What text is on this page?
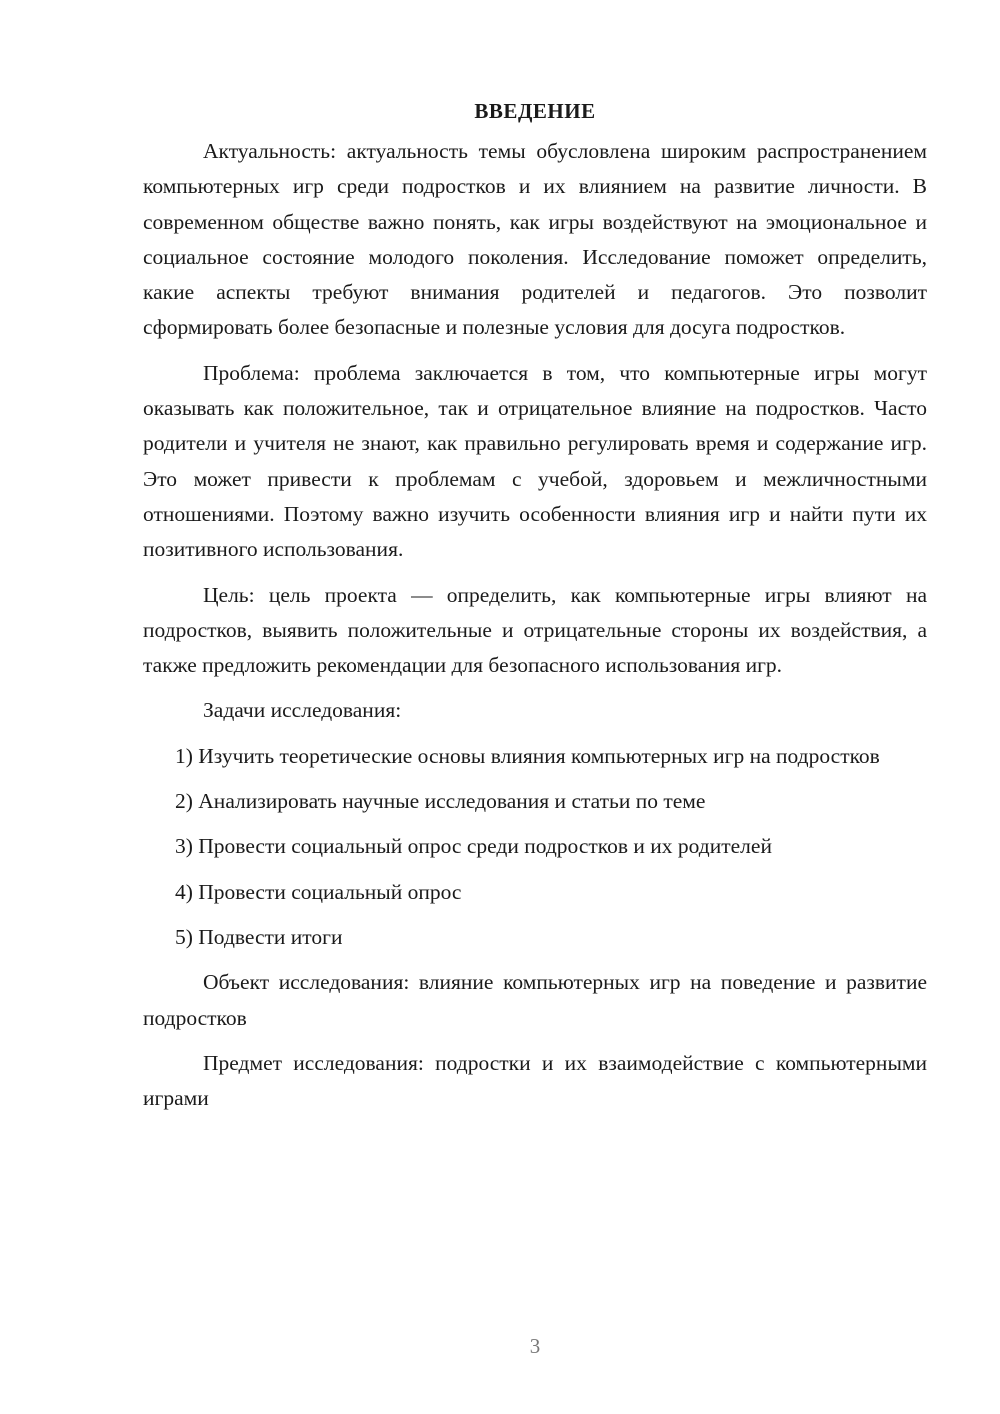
ВВЕДЕНИЕ

Актуальность: актуальность темы обусловлена широким распространением компьютерных игр среди подростков и их влиянием на развитие личности. В современном обществе важно понять, как игры воздействуют на эмоциональное и социальное состояние молодого поколения. Исследование поможет определить, какие аспекты требуют внимания родителей и педагогов. Это позволит сформировать более безопасные и полезные условия для досуга подростков.

Проблема: проблема заключается в том, что компьютерные игры могут оказывать как положительное, так и отрицательное влияние на подростков. Часто родители и учителя не знают, как правильно регулировать время и содержание игр. Это может привести к проблемам с учебой, здоровьем и межличностными отношениями. Поэтому важно изучить особенности влияния игр и найти пути их позитивного использования.

Цель: цель проекта — определить, как компьютерные игры влияют на подростков, выявить положительные и отрицательные стороны их воздействия, а также предложить рекомендации для безопасного использования игр.

Задачи исследования:

1) Изучить теоретические основы влияния компьютерных игр на подростков

2) Анализировать научные исследования и статьи по теме

3) Провести социальный опрос среди подростков и их родителей

4) Провести социальный опрос

5) Подвести итоги

Объект исследования: влияние компьютерных игр на поведение и развитие подростков

Предмет исследования: подростки и их взаимодействие с компьютерными играми

3
